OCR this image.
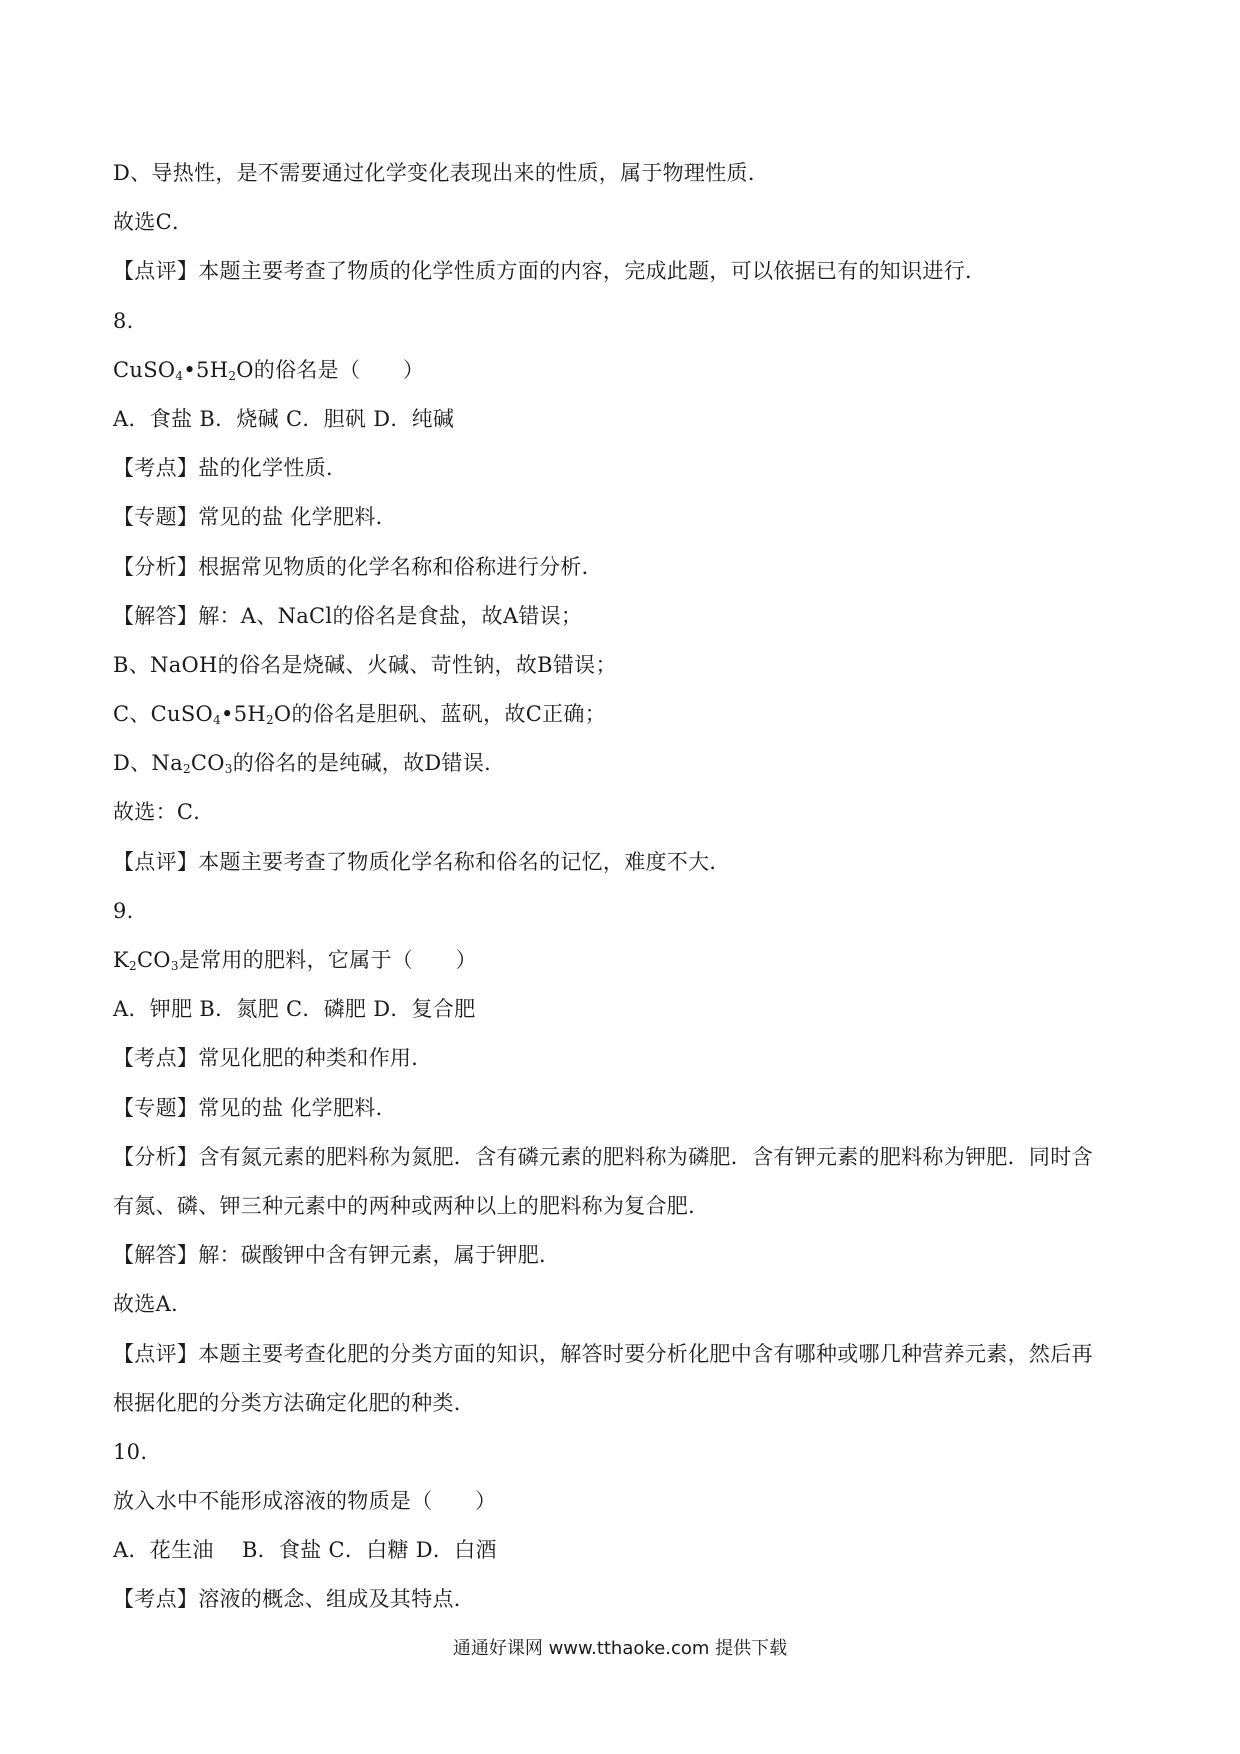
D、导热性，是不需要通过化学变化表现出来的性质，属于物理性质．
故选C．
【点评】本题主要考查了物质的化学性质方面的内容，完成此题，可以依据已有的知识进行．
8.
$CuSO_4•5H_2O$的俗名是（　　）
A．食盐 B．烧碱 C．胆矾 D．纯碱
【考点】盐的化学性质．
【专题】常见的盐 化学肥料．
【分析】根据常见物质的化学名称和俗称进行分析．
【解答】解：A、NaCl的俗名是食盐，故A错误；
B、NaOH的俗名是烧碱、火碱、苛性钠，故B错误；
C、$CuSO_4•5H_2O$的俗名是胆矾、蓝矾，故C正确；
D、$Na_2CO_3$的俗名的是纯碱，故D错误．
故选：C．
【点评】本题主要考查了物质化学名称和俗名的记忆，难度不大．
9.
$K_2CO_3$是常用的肥料，它属于（　　）
A．钾肥 B．氮肥 C．磷肥 D．复合肥
【考点】常见化肥的种类和作用．
【专题】常见的盐 化学肥料．
【分析】含有氮元素的肥料称为氮肥．含有磷元素的肥料称为磷肥．含有钾元素的肥料称为钾肥．同时含
有氮、磷、钾三种元素中的两种或两种以上的肥料称为复合肥．
【解答】解：碳酸钾中含有钾元素，属于钾肥．
故选A．
【点评】本题主要考查化肥的分类方面的知识，解答时要分析化肥中含有哪种或哪几种营养元素，然后再
根据化肥的分类方法确定化肥的种类．
10.
放入水中不能形成溶液的物质是（　　）
A．花生油　 B．食盐 C．白糖 D．白酒
【考点】溶液的概念、组成及其特点．
通通好课网 www.tthaoke.com 提供下载
